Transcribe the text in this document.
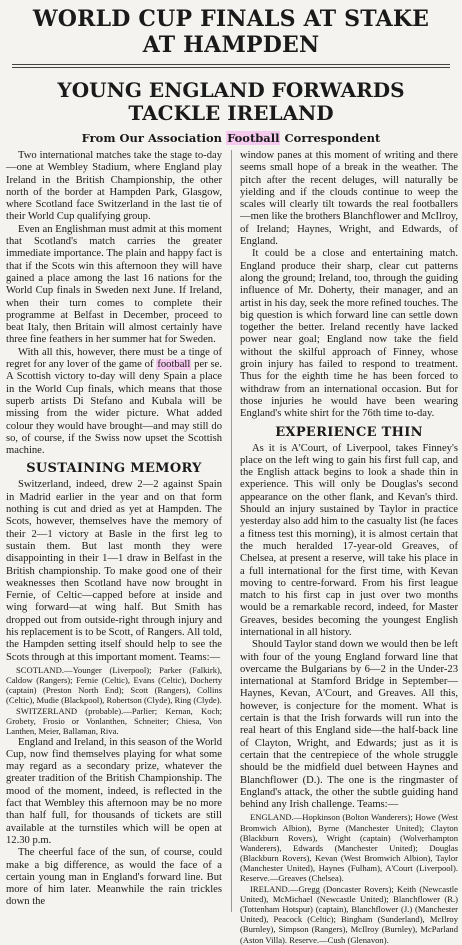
WORLD CUP FINALS AT STAKE
AT HAMPDEN
YOUNG ENGLAND FORWARDS
TACKLE IRELAND
From Our Association Football Correspondent

Two international matches take the stage to-day—one at Wembley Stadium, where England play Ireland in the British Championship, the other north of the border at Hampden Park, Glasgow, where Scotland face Switzerland in the last tie of their World Cup qualifying group.

Even an Englishman must admit at this moment that Scotland's match carries the greater immediate importance. The plain and happy fact is that if the Scots win this afternoon they will have gained a place among the last 16 nations for the World Cup finals in Sweden next June. If Ireland, when their turn comes to complete their programme at Belfast in December, proceed to beat Italy, then Britain will almost certainly have three fine feathers in her summer hat for Sweden.

With all this, however, there must be a tinge of regret for any lover of the game of football per se. A Scottish victory to-day will deny Spain a place in the World Cup finals, which means that those superb artists Di Stefano and Kubala will be missing from the wider picture. What added colour they would have brought—and may still do so, of course, if the Swiss now upset the Scottish machine.

SUSTAINING MEMORY

Switzerland, indeed, drew 2—2 against Spain in Madrid earlier in the year and on that form nothing is cut and dried as yet at Hampden. The Scots, however, themselves have the memory of their 2—1 victory at Basle in the first leg to sustain them. But last month they were disappointing in their 1—1 draw in Belfast in the British championship. To make good one of their weaknesses then Scotland have now brought in Fernie, of Celtic—capped before at inside and wing forward—at wing half. But Smith has dropped out from outside-right through injury and his replacement is to be Scott, of Rangers. All told, the Hampden setting itself should help to see the Scots through at this important moment. Teams:—

SCOTLAND.—Younger (Liverpool); Parker (Falkirk), Caldow (Rangers); Fernie (Celtic), Evans (Celtic), Docherty (captain) (Preston North End); Scott (Rangers), Collins (Celtic), Mudie (Blackpool), Robertson (Clyde), Ring (Clyde).

SWITZERLAND (probable).—Parlier; Kernan, Koch; Grobety, Frosio or Vonlanthen, Schneiter; Chiesa, Von Lanthen, Meier, Ballaman, Riva.

England and Ireland, in this season of the World Cup, now find themselves playing for what some may regard as a secondary prize, whatever the greater tradition of the British Championship. The mood of the moment, indeed, is reflected in the fact that Wembley this afternoon may be no more than half full, for thousands of tickets are still available at the turnstiles which will be open at 12.30 p.m.

The cheerful face of the sun, of course, could make a big difference, as would the face of a certain young man in England's forward line. But more of him later. Meanwhile the rain trickles down the

window panes at this moment of writing and there seems small hope of a break in the weather. The pitch after the recent deluges, will naturally be yielding and if the clouds continue to weep the scales will clearly tilt towards the real footballers—men like the brothers Blanchflower and McIlroy, of Ireland; Haynes, Wright, and Edwards, of England.

It could be a close and entertaining match. England produce their sharp, clear cut patterns along the ground; Ireland, too, through the guiding influence of Mr. Doherty, their manager, and an artist in his day, seek the more refined touches. The big question is which forward line can settle down together the better. Ireland recently have lacked power near goal; England now take the field without the skilful approach of Finney, whose groin injury has failed to respond to treatment. Thus for the eighth time he has been forced to withdraw from an international occasion. But for those injuries he would have been wearing England's white shirt for the 76th time to-day.

EXPERIENCE THIN

As it is A'Court, of Liverpool, takes Finney's place on the left wing to gain his first full cap, and the English attack begins to look a shade thin in experience. This will only be Douglas's second appearance on the other flank, and Kevan's third. Should an injury sustained by Taylor in practice yesterday also add him to the casualty list (he faces a fitness test this morning), it is almost certain that the much heralded 17-year-old Greaves, of Chelsea, at present a reserve, will take his place in a full international for the first time, with Kevan moving to centre-forward. From his first league match to his first cap in just over two months would be a remarkable record, indeed, for Master Greaves, besides becoming the youngest English international in all history.

Should Taylor stand down we would then be left with four of the young England forward line that overcame the Bulgarians by 6—2 in the Under-23 international at Stamford Bridge in September—Haynes, Kevan, A'Court, and Greaves. All this, however, is conjecture for the moment. What is certain is that the Irish forwards will run into the real heart of this England side—the half-back line of Clayton, Wright, and Edwards; just as it is certain that the centrepiece of the whole struggle should be the midfield duel between Haynes and Blanchflower (D.). The one is the ringmaster of England's attack, the other the subtle guiding hand behind any Irish challenge. Teams:—

ENGLAND.—Hopkinson (Bolton Wanderers); Howe (West Bromwich Albion), Byrne (Manchester United); Clayton (Blackburn Rovers), Wright (captain) (Wolverhampton Wanderers), Edwards (Manchester United); Douglas (Blackburn Rovers), Kevan (West Bromwich Albion), Taylor (Manchester United), Haynes (Fulham), A'Court (Liverpool). Reserve.—Greaves (Chelsea).

IRELAND.—Gregg (Doncaster Rovers); Keith (Newcastle United), McMichael (Newcastle United); Blanchflower (R.) (Tottenham Hotspur) (captain), Blanchflower (J.) (Manchester United), Peacock (Celtic); Bingham (Sunderland), McIlroy (Burnley), Simpson (Rangers), McIlroy (Burnley), McParland (Aston Villa). Reserve.—Cush (Glenavon).
